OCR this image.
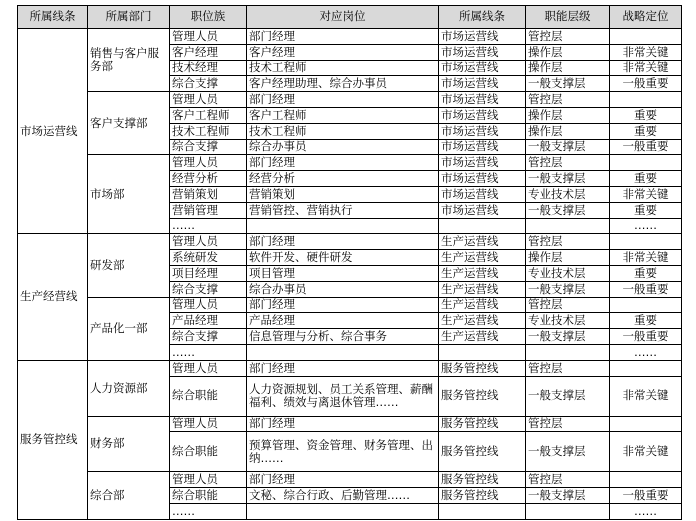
所属线条	所属部门	职位族	对应岗位	所属线条	职能层级	战略定位
市场运营线	销售与客户服务部	管理人员	部门经理	市场运营线	管控层	
		客户经理	客户经理	市场运营线	操作层	非常关键
		技术经理	技术工程师	市场运营线	操作层	非常关键
		综合支撑	客户经理助理、综合办事员	市场运营线	一般支撑层	一般重要
	客户支撑部	管理人员	部门经理	市场运营线	管控层	
		客户工程师	客户工程师	市场运营线	操作层	重要
		技术工程师	技术工程师	市场运营线	操作层	重要
		综合支撑	综合办事员	市场运营线	一般支撑层	一般重要
	市场部	管理人员	部门经理	市场运营线	管控层	
		经营分析	经营分析	市场运营线	一般支撑层	重要
		营销策划	营销策划	市场运营线	专业技术层	非常关键
		营销管理	营销管控、营销执行	市场运营线	一般支撑层	重要
		……				……
生产经营线	研发部	管理人员	部门经理	生产运营线	管控层	
		系统研发	软件开发、硬件研发	生产运营线	操作层	非常关键
		项目经理	项目管理	生产运营线	专业技术层	重要
		综合支撑	综合办事员	生产运营线	一般支撑层	一般重要
	产品化一部	管理人员	部门经理	生产运营线	管控层	
		产品经理	产品经理	生产运营线	专业技术层	重要
		综合支撑	信息管理与分析、综合事务	生产运营线	一般支撑层	一般重要
		……				……
服务管控线	人力资源部	管理人员	部门经理	服务管控线	管控层	
		综合职能	人力资源规划、员工关系管理、薪酬福利、绩效与离退休管理……	服务管控线	一般支撑层	非常关键
	财务部	管理人员	部门经理	服务管控线	管控层	
		综合职能	预算管理、资金管理、财务管理、出纳……	服务管控线	一般支撑层	非常关键
	综合部	管理人员	部门经理	服务管控线	管控层	
		综合职能	文秘、综合行政、后勤管理……	服务管控线	一般支撑层	一般重要
		……				……
